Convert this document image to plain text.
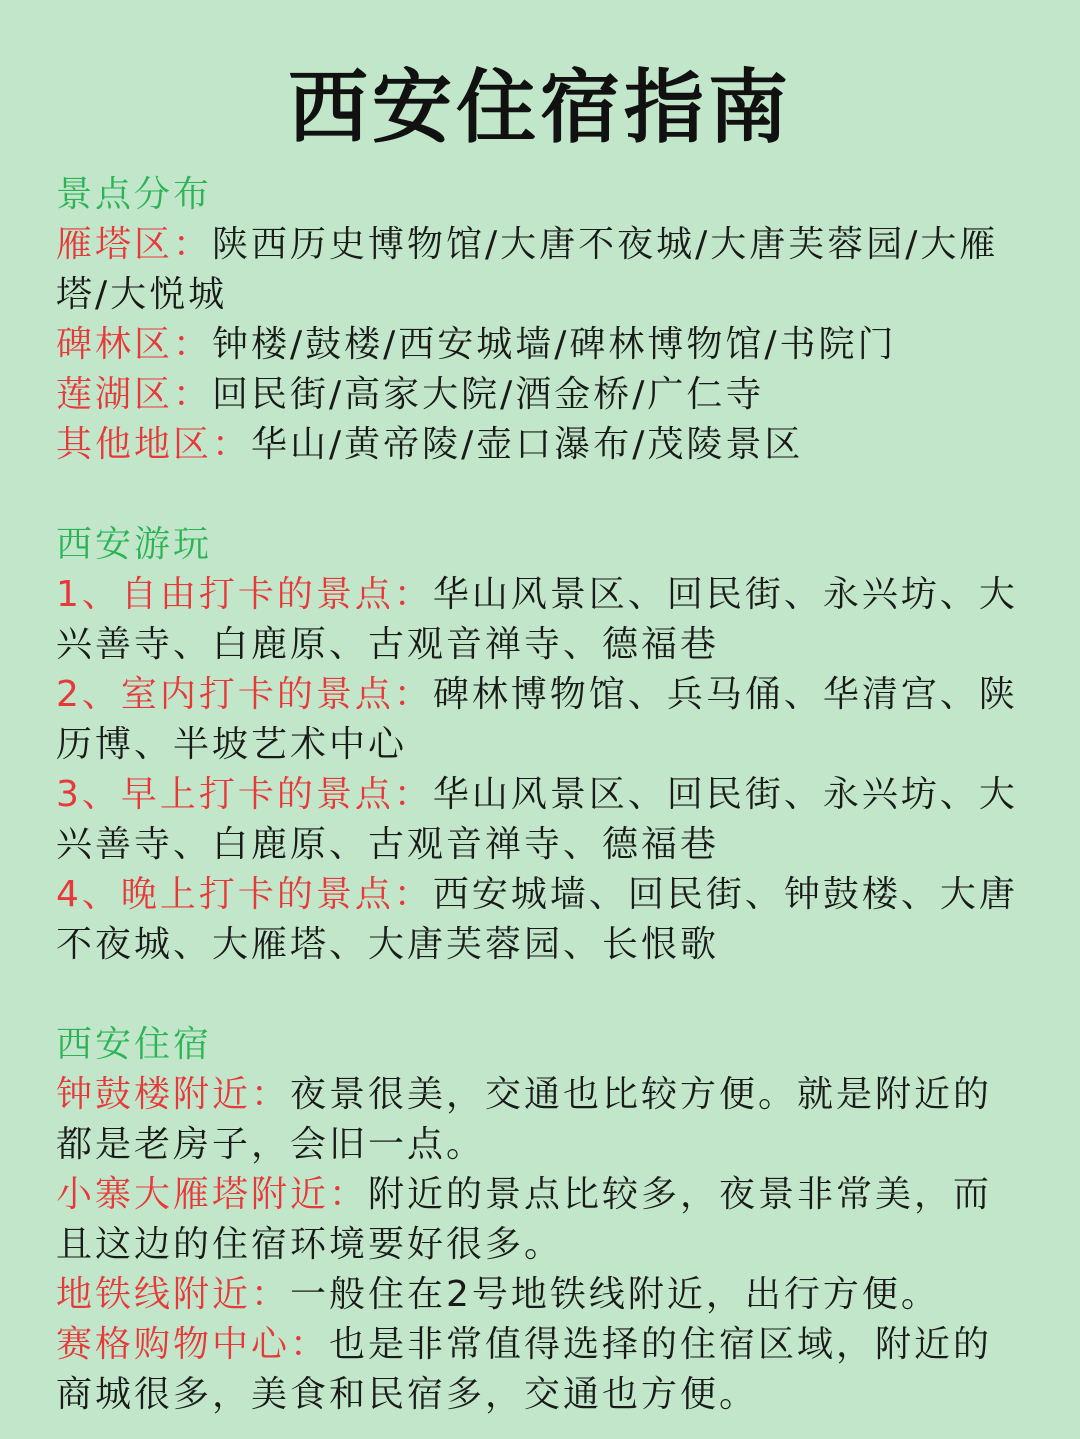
西安住宿指南
景点分布
雁塔区：陕西历史博物馆/大唐不夜城/大唐芙蓉园/大雁塔/大悦城
碑林区：钟楼/鼓楼/西安城墙/碑林博物馆/书院门
莲湖区：回民街/高家大院/酒金桥/广仁寺
其他地区：华山/黄帝陵/壶口瀑布/茂陵景区
西安游玩
1、自由打卡的景点：华山风景区、回民街、永兴坊、大兴善寺、白鹿原、古观音禅寺、德福巷
2、室内打卡的景点：碑林博物馆、兵马俑、华清宫、陕历博、半坡艺术中心
3、早上打卡的景点：华山风景区、回民街、永兴坊、大兴善寺、白鹿原、古观音禅寺、德福巷
4、晚上打卡的景点：西安城墙、回民街、钟鼓楼、大唐不夜城、大雁塔、大唐芙蓉园、长恨歌
西安住宿
钟鼓楼附近：夜景很美，交通也比较方便。就是附近的都是老房子，会旧一点。
小寨大雁塔附近：附近的景点比较多，夜景非常美，而且这边的住宿环境要好很多。
地铁线附近：一般住在2号地铁线附近，出行方便。
赛格购物中心：也是非常值得选择的住宿区域，附近的商城很多，美食和民宿多，交通也方便。
